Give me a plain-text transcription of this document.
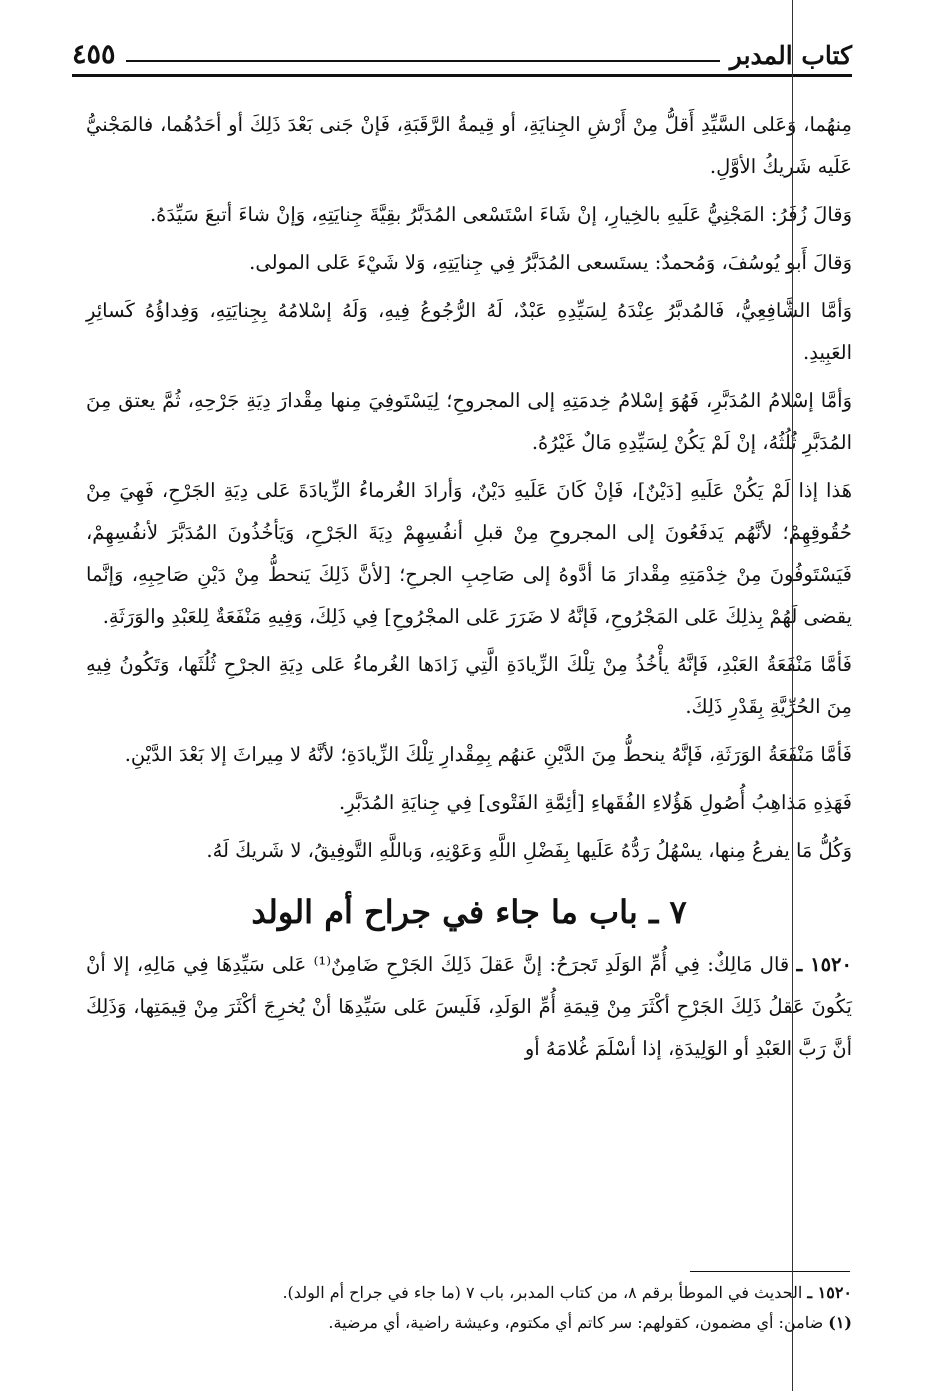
كتاب المدبر
٤٥٥

مِنهُما، وَعَلى السَّيِّدِ أَقلُّ مِنْ أَرْشِ الجِنايَةِ، أو قِيمةُ الرَّقَبَةِ، فَإنْ جَنى بَعْدَ ذَلِكَ أو أحَدُهُما، فالمَجْنيُّ عَلَيه شَريكُ الأوَّلِ.

وَقالَ زُفَرُ: المَجْنِيُّ عَلَيهِ بالخِيارِ، إنْ شَاءَ اسْتَسْعى المُدَبَّرُ بقِيَّةَ جِنايَتِهِ، وَإنْ شاءَ أتبعَ سَيِّدَهُ.

وَقالَ أَبو يُوسُفَ، وَمُحمدٌ: يستَسعى المُدَبَّرُ فِي جِنايَتِهِ، وَلا شَيْءَ عَلى المولى.

وَأمَّا الشَّافِعِيُّ، فَالمُدبَّرُ عِنْدَهُ لِسَيِّدِهِ عَبْدٌ، لَهُ الرُّجُوعُ فِيهِ، وَلَهُ إسْلامُهُ بِجِنايَتِهِ، وَفِداؤُهُ كَسائِرِ العَبِيدِ.

وَأمَّا إسْلامُ المُدَبَّرِ، فَهُوَ إسْلامُ خِدمَتِهِ إلى المجروحِ؛ لِيَسْتَوفِيَ مِنها مِقْدارَ دِيَةِ جَرْحِهِ، ثُمَّ يعتق مِنَ المُدَبَّرِ ثُلُثُهُ، إنْ لَمْ يَكُنْ لِسَيِّدِهِ مَالٌ غَيْرُهُ.

هَذا إذا لَمْ يَكُنْ عَلَيهِ [دَيْنٌ]، فَإنْ كَانَ عَلَيهِ دَيْنٌ، وَأرادَ الغُرماءُ الزِّيادَةَ عَلى دِيَةِ الجَرْحِ، فَهِيَ مِنْ حُقُوقِهِمْ؛ لأنَّهُم يَدفَعُونَ إلى المجروحِ مِنْ قبلِ أنفُسِهِمْ دِيَةَ الجَرْحِ، وَيَأخُذُونَ المُدَبَّرَ لأنفُسِهِمْ، فَيَسْتَوفُونَ مِنْ خِدْمَتِهِ مِقْدارَ مَا أدَّوهُ إلى صَاحِبِ الجرحِ؛ [لأنَّ ذَلِكَ يَنحطُّ مِنْ دَيْنِ صَاحِبِهِ، وَإنَّما يقضى لَهُمْ بِذلِكَ عَلى المَجْرُوحِ، فَإنَّهُ لا ضَرَرَ عَلى المجْرُوحِ] فِي ذَلِكَ، وَفِيهِ مَنْفَعَةٌ لِلعَبْدِ والوَرَثَةِ.

فَأمَّا مَنْفَعَةُ العَبْدِ، فَإنَّهُ يأْخُذُ مِنْ تِلْكَ الزِّيادَةِ الَّتِي زَادَها الغُرماءُ عَلى دِيَةِ الجرْحِ ثُلُثَها، وَتَكُونُ فِيهِ مِنَ الحُرِّيَّةِ بِقَدْرِ ذَلِكَ.

فَأمَّا مَنْفَعَةُ الوَرَثَةِ، فَإنَّهُ ينحطُّ مِنَ الدَّيْنِ عَنهُم بِمِقْدارِ تِلْكَ الزِّيادَةِ؛ لأنَّهُ لا مِيراثَ إلا بَعْدَ الدَّيْنِ.

فَهَذِهِ مَذاهِبُ أُصُولِ هَؤُلاءِ الفُقَهاءِ [أئِمَّةِ الفَتْوى] فِي جِنايَةِ المُدَبَّرِ.

وَكُلُّ مَا يفرعُ مِنها، يسْهُلُ رَدُّهُ عَلَيها بِفَضْلِ اللَّهِ وَعَوْنِهِ، وَباللَّهِ التَّوفِيقُ، لا شَريكَ لَهُ.

٧ ـ باب ما جاء في جراح أم الولد

١٥٢٠ ـ قال مَالِكٌ: فِي أُمِّ الوَلَدِ تَجرَحُ: إنَّ عَقلَ ذَلِكَ الجَرْحِ ضَامِنٌ⁽¹⁾ عَلى سَيِّدِهَا فِي مَالِهِ، إلا أنْ يَكُونَ عَقلُ ذَلِكَ الجَرْحِ أكْثَرَ مِنْ قِيمَةِ أُمِّ الوَلَدِ، فَلَيسَ عَلى سَيِّدِهَا أنْ يُخرِجَ أكْثَرَ مِنْ قِيمَتِها، وَذَلِكَ أنَّ رَبَّ العَبْدِ أو الوَلِيدَةِ، إذا أسْلَمَ غُلامَهُ أو

١٥٢٠ ـ الحديث في الموطأ برقم ٨، من كتاب المدبر، باب ٧ (ما جاء في جراح أم الولد).

(١) ضامن: أي مضمون، كقولهم: سر كاتم أي مكتوم، وعيشة راضية، أي مرضية.
